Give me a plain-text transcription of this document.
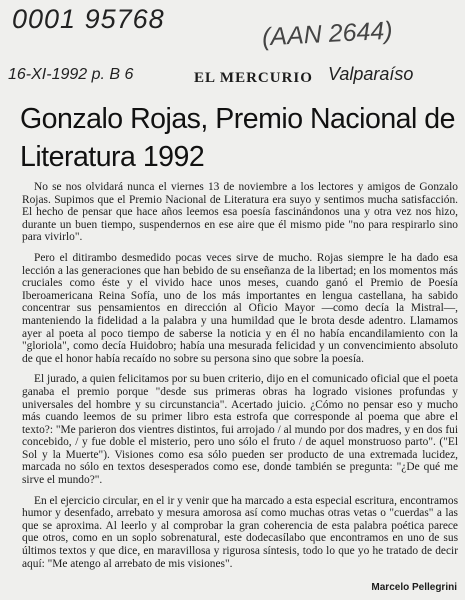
0001 95768	(AAN 2644)
16-XI-1992 p. B 6	EL MERCURIO Valparaíso
Gonzalo Rojas, Premio Nacional de Literatura 1992

No se nos olvidará nunca el viernes 13 de noviembre a los lectores y amigos de Gonzalo Rojas. Supimos que el Premio Nacional de Literatura era suyo y sentimos mucha satisfacción. El hecho de pensar que hace años leemos esa poesía fascinándonos una y otra vez nos hizo, durante un buen tiempo, suspendernos en ese aire que él mismo pide "no para respirarlo sino para vivirlo".

Pero el ditirambo desmedido pocas veces sirve de mucho. Rojas siempre le ha dado esa lección a las generaciones que han bebido de su enseñanza de la libertad; en los momentos más cruciales como éste y el vivido hace unos meses, cuando ganó el Premio de Poesía Iberoamericana Reina Sofía, uno de los más importantes en lengua castellana, ha sabido concentrar sus pensamientos en dirección al Oficio Mayor —como decía la Mistral—, manteniendo la fidelidad a la palabra y una humildad que le brota desde adentro. Llamamos ayer al poeta al poco tiempo de saberse la noticia y en él no había encandilamiento con la "gloriola", como decía Huidobro; había una mesurada felicidad y un convencimiento absoluto de que el honor había recaído no sobre su persona sino que sobre la poesía.

El jurado, a quien felicitamos por su buen criterio, dijo en el comunicado oficial que el poeta ganaba el premio porque "desde sus primeras obras ha logrado visiones profundas y universales del hombre y su circunstancia". Acertado juicio. ¿Cómo no pensar eso y mucho más cuando leemos de su primer libro esta estrofa que corresponde al poema que abre el texto?: "Me parieron dos vientres distintos, fui arrojado / al mundo por dos madres, y en dos fui concebido, / y fue doble el misterio, pero uno sólo el fruto / de aquel monstruoso parto". ("El Sol y la Muerte"). Visiones como esa sólo pueden ser producto de una extremada lucidez, marcada no sólo en textos desesperados como ese, donde también se pregunta: "¿De qué me sirve el mundo?".

En el ejercicio circular, en el ir y venir que ha marcado a esta especial escritura, encontramos humor y desenfado, arrebato y mesura amorosa así como muchas otras vetas o "cuerdas" a las que se aproxima. Al leerlo y al comprobar la gran coherencia de esta palabra poética parece que otros, como en un soplo sobrenatural, este dodecasílabo que encontramos en uno de sus últimos textos y que dice, en maravillosa y rigurosa síntesis, todo lo que yo he tratado de decir aquí: "Me atengo al arrebato de mis visiones".

Marcelo Pellegrini
